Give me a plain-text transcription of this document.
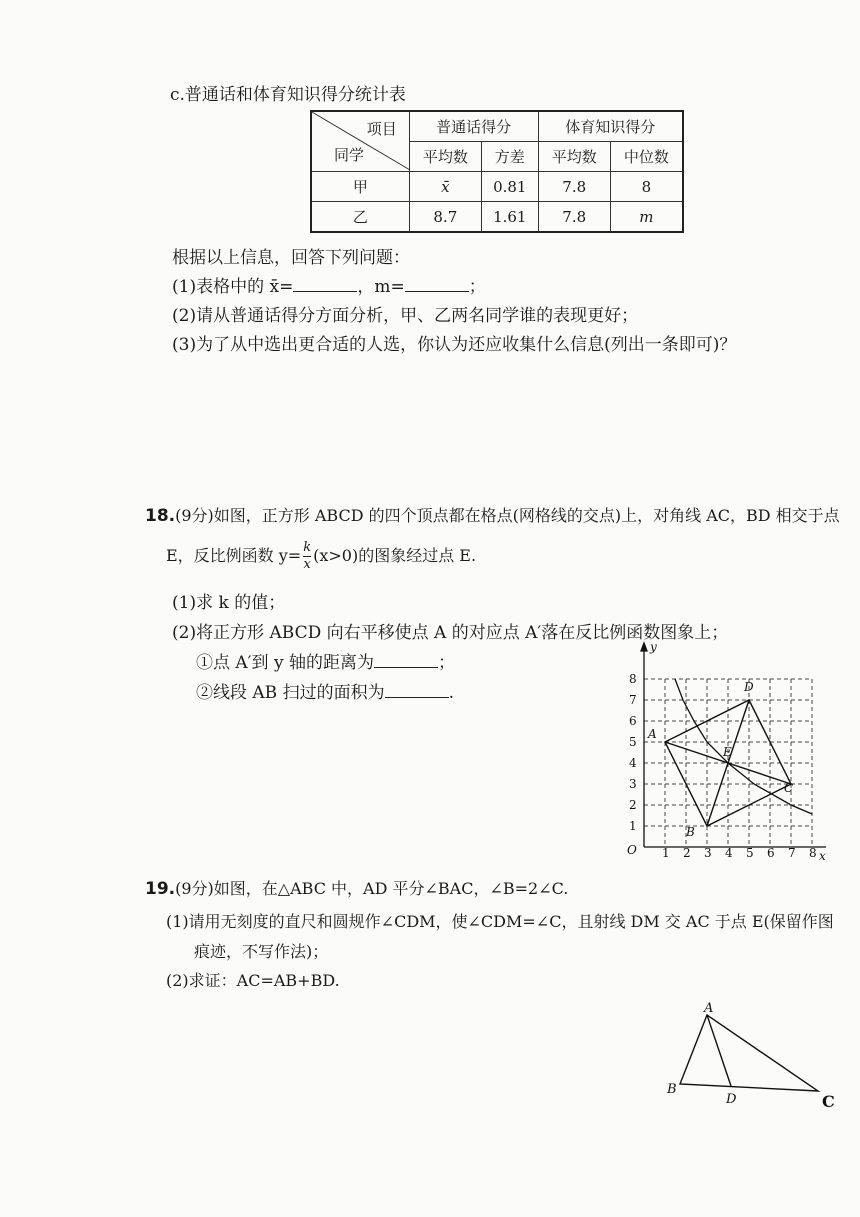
c.普通话和体育知识得分统计表
项目
同学	普通话得分		体育知识得分	
	平均数	方差	平均数	中位数
甲	x̄	0.81	7.8	8
乙	8.7	1.61	7.8	m
根据以上信息，回答下列问题：
(1)表格中的 x̄=	，m=	；
(2)请从普通话得分方面分析，甲、乙两名同学谁的表现更好；
(3)为了从中选出更合适的人选，你认为还应收集什么信息(列出一条即可)？
18.(9分)如图，正方形 ABCD 的四个顶点都在格点(网格线的交点)上，对角线 AC，BD 相交于点
E，反比例函数 $y= \frac{k}{x} (x>0)$的图象经过点 E.
(1)求 k 的值；
(2)将正方形 ABCD 向右平移使点 A 的对应点 A′落在反比例函数图象上；
①点 A′到 y 轴的距离为	；
②线段 AB 扫过的面积为	.
y
x
O 1 2 3 4 5 6 7 8
1
2
3
4
5
6
7
8
A
B
C
D
E
19.(9分)如图，在△ABC 中，AD 平分∠BAC，∠B=2∠C.
(1)请用无刻度的直尺和圆规作∠CDM，使∠CDM=∠C，且射线 DM 交 AC 于点 E(保留作图
痕迹，不写作法)；
(2)求证：AC=AB+BD.
A
B
D	C
